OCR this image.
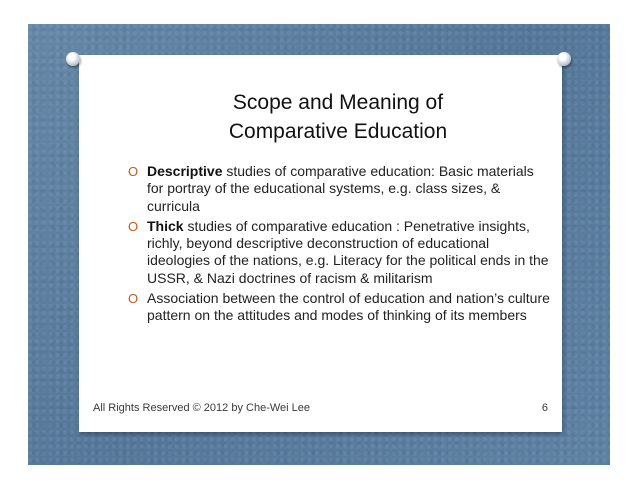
Scope and Meaning of
Comparative Education
O Descriptive studies of comparative education: Basic materials for portray of the educational systems, e.g. class sizes, & curricula
O Thick studies of comparative education : Penetrative insights, richly, beyond descriptive deconstruction of educational ideologies of the nations, e.g. Literacy for the political ends in the USSR, & Nazi doctrines of racism & militarism
O Association between the control of education and nation’s culture pattern on the attitudes and modes of thinking of its members
All Rights Reserved © 2012 by Che-Wei Lee	6
